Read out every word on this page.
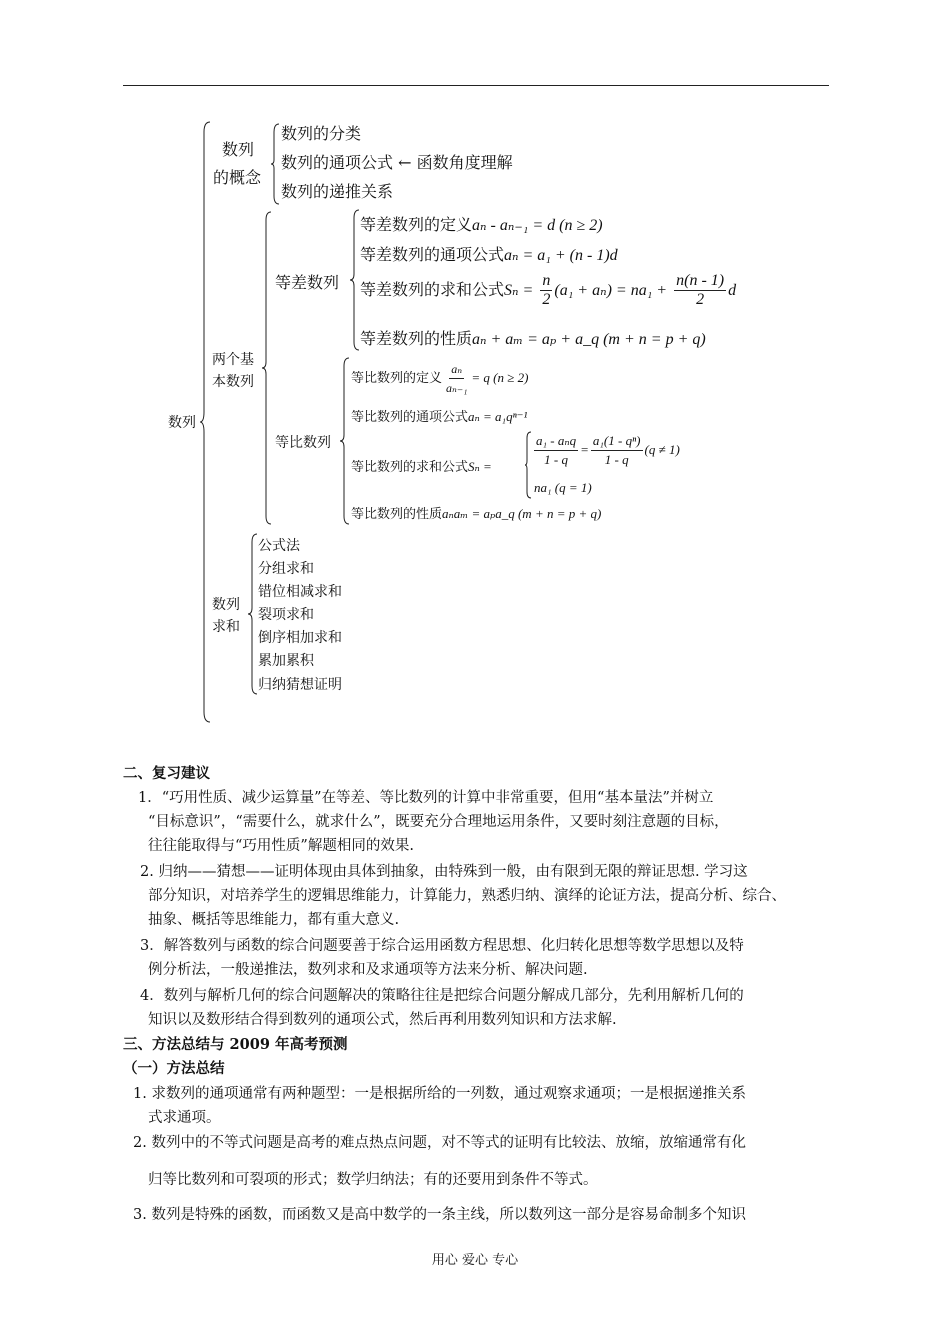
数列
数列
的概念
数列的分类
数列的通项公式 ← 函数角度理解
数列的递推关系
两个基
本数列
等差数列
等差数列的定义aₙ - aₙ₋₁ = d (n ≥ 2)
等差数列的通项公式aₙ = a₁ + (n - 1)d
等差数列的求和公式$S_n = \frac{n}{2} (a_1 + a_n) = na_1 + \frac{n(n - 1)}{2}$ d
等差数列的性质aₙ + aₘ = aₚ + a_q (m + n = p + q)
等比数列
等比数列的定义 $\frac{\text{aₙ}}{\text{aₙ₋₁}} = q$ (n ≥ 2)
等比数列的通项公式aₙ = a₁qⁿ⁻¹
等比数列的求和公式Sₙ =	$\frac{\text{a₁ - aₙq}}{1 - q} = \frac{\text{a₁(1 - qⁿ)}}{1 - q} (q \ne 1)$
na₁ (q = 1)
等比数列的性质aₙaₘ = aₚa_q (m + n = p + q)
数列
求和
公式法
分组求和
错位相减求和
裂项求和
倒序相加求和
累加累积
归纳猜想证明
二、复习建议
1．“巧用性质、减少运算量”在等差、等比数列的计算中非常重要，但用“基本量法”并树立
“目标意识”，“需要什么，就求什么”，既要充分合理地运用条件，又要时刻注意题的目标，
往往能取得与“巧用性质”解题相同的效果.
2. 归纳——猜想——证明体现由具体到抽象，由特殊到一般，由有限到无限的辩证思想. 学习这
部分知识，对培养学生的逻辑思维能力，计算能力，熟悉归纳、演绎的论证方法，提高分析、综合、
抽象、概括等思维能力，都有重大意义.
3．解答数列与函数的综合问题要善于综合运用函数方程思想、化归转化思想等数学思想以及特
例分析法，一般递推法，数列求和及求通项等方法来分析、解决问题.
4．数列与解析几何的综合问题解决的策略往往是把综合问题分解成几部分，先利用解析几何的
知识以及数形结合得到数列的通项公式，然后再利用数列知识和方法求解.
三、方法总结与 2009 年高考预测
（一）方法总结
1. 求数列的通项通常有两种题型：一是根据所给的一列数，通过观察求通项；一是根据递推关系
式求通项。
2. 数列中的不等式问题是高考的难点热点问题，对不等式的证明有比较法、放缩，放缩通常有化
归等比数列和可裂项的形式；数学归纳法；有的还要用到条件不等式。
3. 数列是特殊的函数，而函数又是高中数学的一条主线，所以数列这一部分是容易命制多个知识
用心 爱心 专心
